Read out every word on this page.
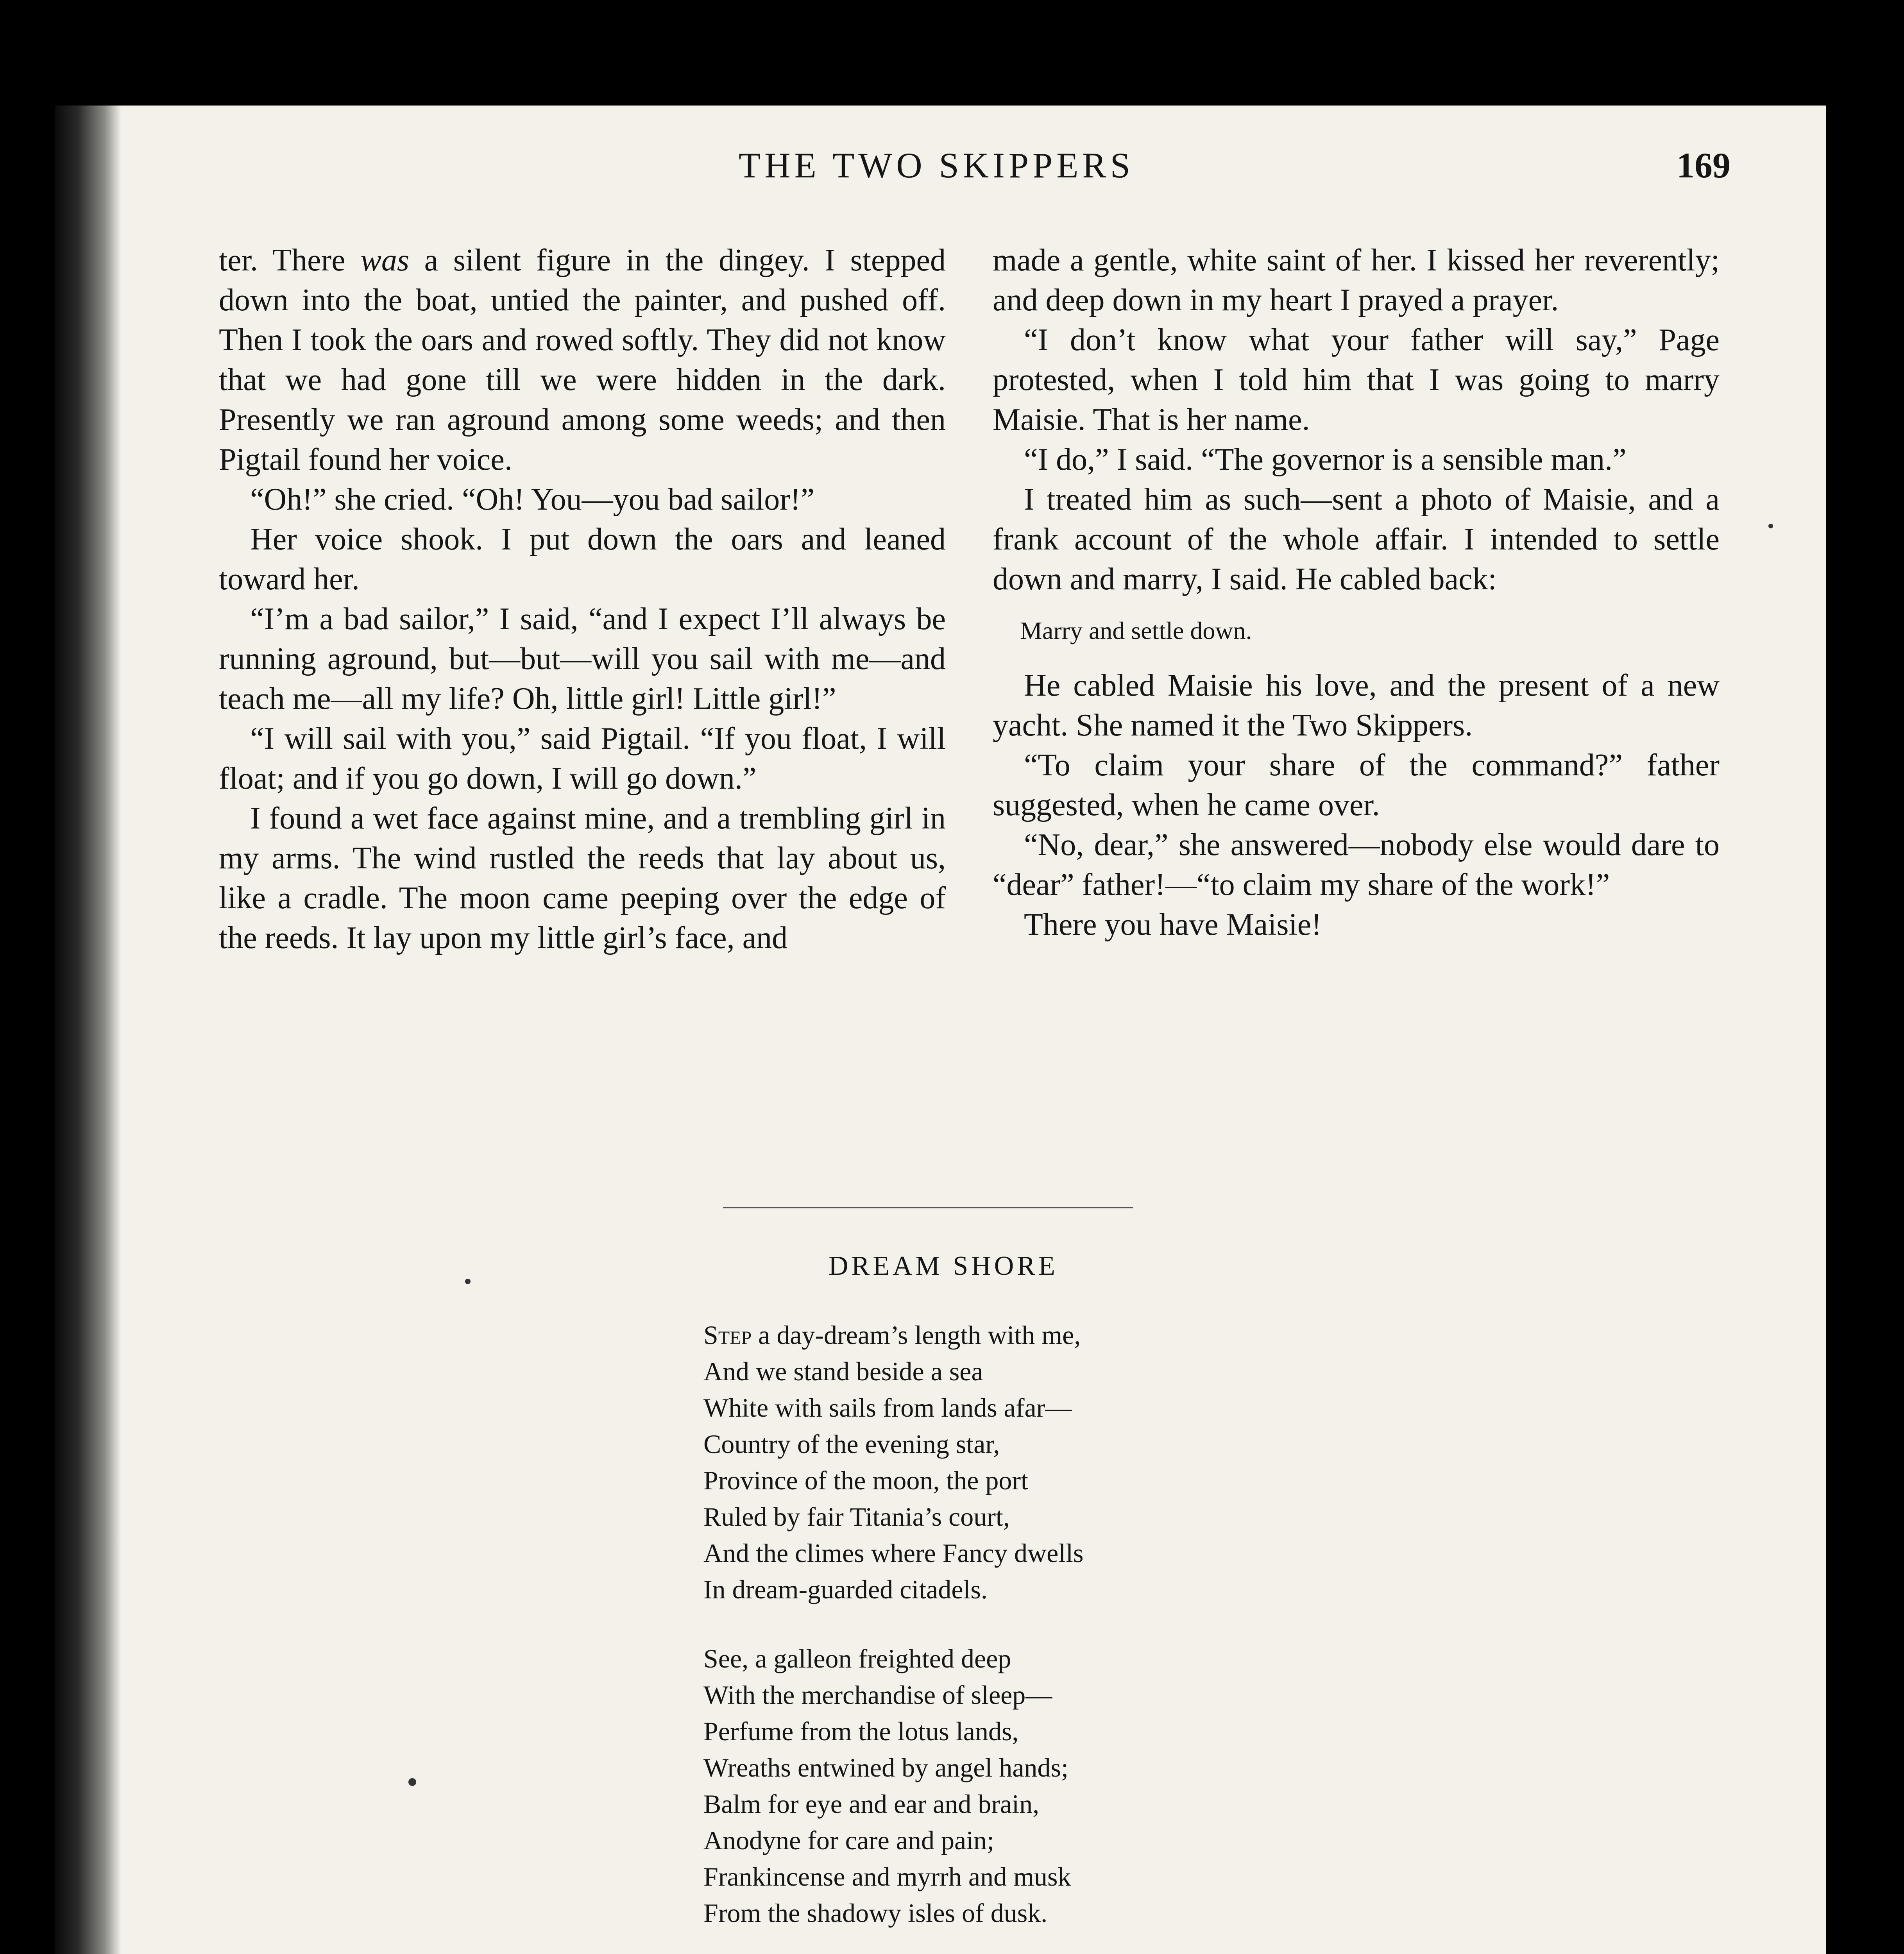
THE TWO SKIPPERS	169

ter. There was a silent figure in the dingey. I stepped down into the boat, untied the painter, and pushed off. Then I took the oars and rowed softly. They did not know that we had gone till we were hidden in the dark. Presently we ran aground among some weeds; and then Pigtail found her voice.

“Oh!” she cried. “Oh! You—you bad sailor!”

Her voice shook. I put down the oars and leaned toward her.

“I’m a bad sailor,” I said, “and I expect I’ll always be running aground, but—but—will you sail with me—and teach me—all my life? Oh, little girl! Little girl!”

“I will sail with you,” said Pigtail. “If you float, I will float; and if you go down, I will go down.”

I found a wet face against mine, and a trembling girl in my arms. The wind rustled the reeds that lay about us, like a cradle. The moon came peeping over the edge of the reeds. It lay upon my little girl’s face, and

made a gentle, white saint of her. I kissed her reverently; and deep down in my heart I prayed a prayer.

“I don’t know what your father will say,” Page protested, when I told him that I was going to marry Maisie. That is her name.

“I do,” I said. “The governor is a sensible man.”

I treated him as such—sent a photo of Maisie, and a frank account of the whole affair. I intended to settle down and marry, I said. He cabled back:

Marry and settle down.

He cabled Maisie his love, and the present of a new yacht. She named it the Two Skippers.

“To claim your share of the command?” father suggested, when he came over.

“No, dear,” she answered—nobody else would dare to “dear” father!—“to claim my share of the work!”

There you have Maisie!

DREAM SHORE
Step a day-dream’s length with me,
And we stand beside a sea
White with sails from lands afar—
Country of the evening star,
Province of the moon, the port
Ruled by fair Titania’s court,
And the climes where Fancy dwells
In dream-guarded citadels.
See, a galleon freighted deep
With the merchandise of sleep—
Perfume from the lotus lands,
Wreaths entwined by angel hands;
Balm for eye and ear and brain,
Anodyne for care and pain;
Frankincense and myrrh and musk
From the shadowy isles of dusk.
